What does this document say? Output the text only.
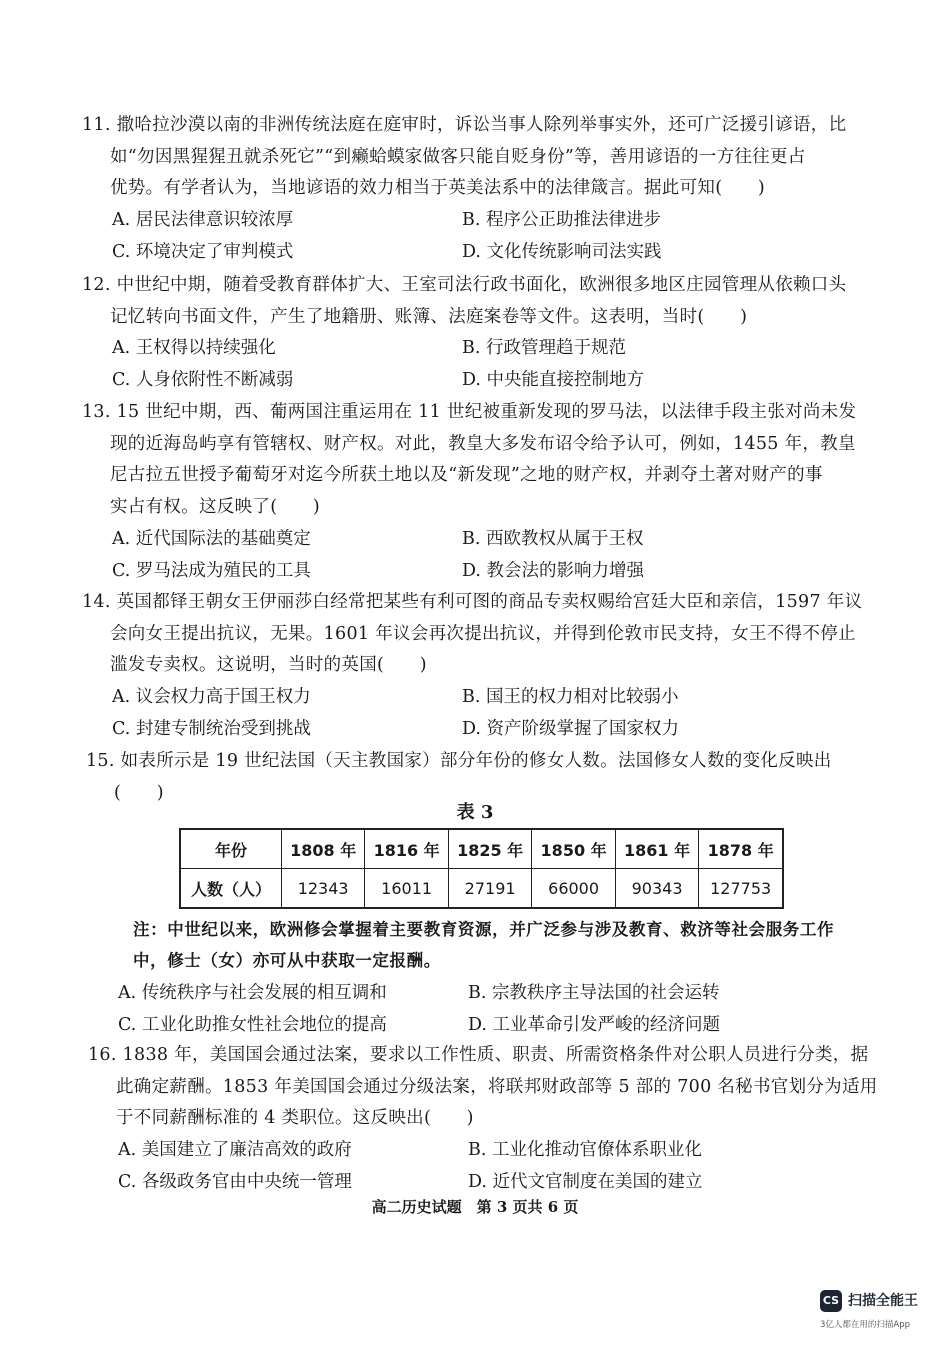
11. 撒哈拉沙漠以南的非洲传统法庭在庭审时，诉讼当事人除列举事实外，还可广泛援引谚语，比
如“勿因黑猩猩丑就杀死它”“到癞蛤蟆家做客只能自贬身份”等，善用谚语的一方往往更占
优势。有学者认为，当地谚语的效力相当于英美法系中的法律箴言。据此可知(　　)
A. 居民法律意识较浓厚	B. 程序公正助推法律进步
C. 环境决定了审判模式	D. 文化传统影响司法实践
12. 中世纪中期，随着受教育群体扩大、王室司法行政书面化，欧洲很多地区庄园管理从依赖口头
记忆转向书面文件，产生了地籍册、账簿、法庭案卷等文件。这表明，当时(　　)
A. 王权得以持续强化	B. 行政管理趋于规范
C. 人身依附性不断减弱	D. 中央能直接控制地方
13. 15 世纪中期，西、葡两国注重运用在 11 世纪被重新发现的罗马法，以法律手段主张对尚未发
现的近海岛屿享有管辖权、财产权。对此，教皇大多发布诏令给予认可，例如，1455 年，教皇
尼古拉五世授予葡萄牙对迄今所获土地以及“新发现”之地的财产权，并剥夺土著对财产的事
实占有权。这反映了(　　)
A. 近代国际法的基础奠定	B. 西欧教权从属于王权
C. 罗马法成为殖民的工具	D. 教会法的影响力增强
14. 英国都铎王朝女王伊丽莎白经常把某些有利可图的商品专卖权赐给宫廷大臣和亲信，1597 年议
会向女王提出抗议，无果。1601 年议会再次提出抗议，并得到伦敦市民支持，女王不得不停止
滥发专卖权。这说明，当时的英国(　　)
A. 议会权力高于国王权力	B. 国王的权力相对比较弱小
C. 封建专制统治受到挑战	D. 资产阶级掌握了国家权力
15. 如表所示是 19 世纪法国（天主教国家）部分年份的修女人数。法国修女人数的变化反映出
(　　)
表 3
年份	1808 年	1816 年	1825 年	1850 年	1861 年	1878 年
人数（人）	12343	16011	27191	66000	90343	127753
注：中世纪以来，欧洲修会掌握着主要教育资源，并广泛参与涉及教育、救济等社会服务工作
中，修士（女）亦可从中获取一定报酬。
A. 传统秩序与社会发展的相互调和	B. 宗教秩序主导法国的社会运转
C. 工业化助推女性社会地位的提高	D. 工业革命引发严峻的经济问题
16. 1838 年，美国国会通过法案，要求以工作性质、职责、所需资格条件对公职人员进行分类，据
此确定薪酬。1853 年美国国会通过分级法案，将联邦财政部等 5 部的 700 名秘书官划分为适用
于不同薪酬标准的 4 类职位。这反映出(　　)
A. 美国建立了廉洁高效的政府	B. 工业化推动官僚体系职业化
C. 各级政务官由中央统一管理	D. 近代文官制度在美国的建立
高二历史试题　第 3 页共 6 页
CS 扫描全能王
3亿人都在用的扫描App
